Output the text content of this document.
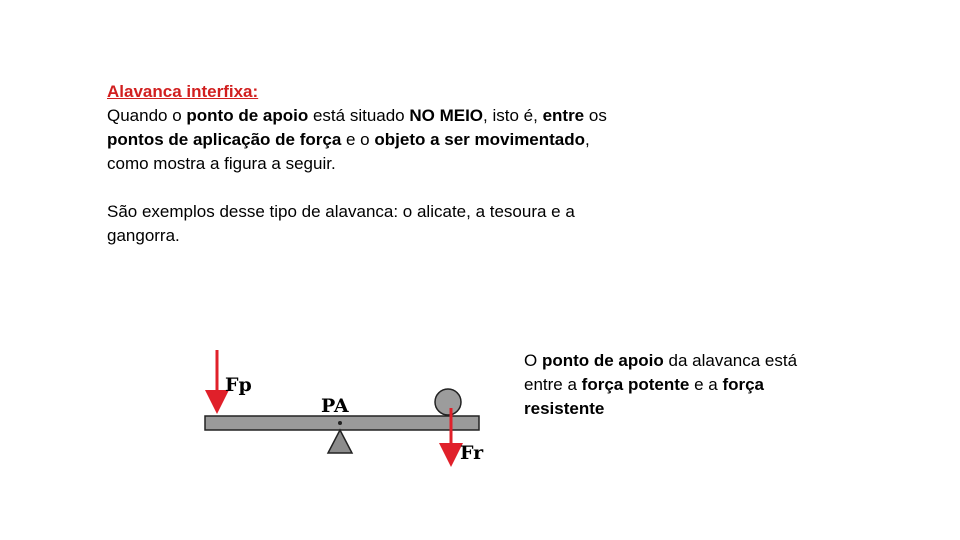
Alavanca interfixa:
Quando o ponto de apoio está situado NO MEIO, isto é, entre os
pontos de aplicação de força e o objeto a ser movimentado,
como mostra a figura a seguir.
São exemplos desse tipo de alavanca: o alicate, a tesoura e a
gangorra.
Fp
PA
Fr
O ponto de apoio da alavanca está
entre a força potente e a força
resistente
